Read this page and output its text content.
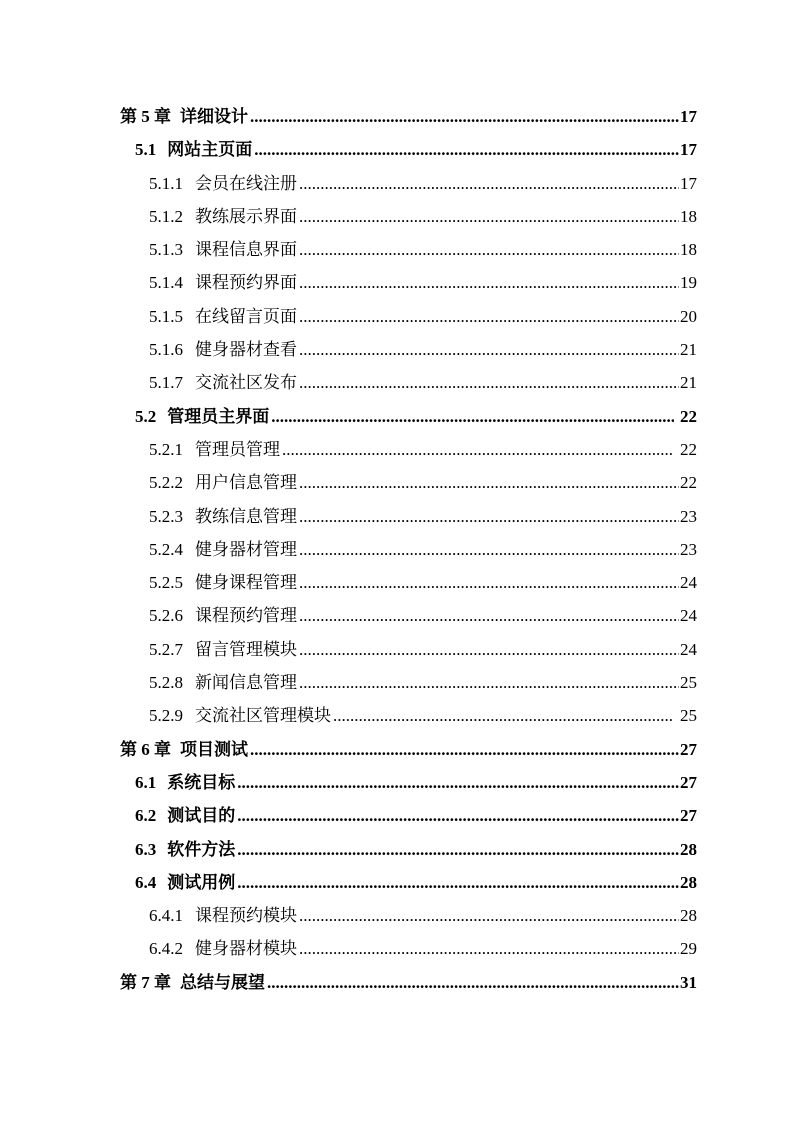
第 5 章 详细设计 .....	17
5.1 网站主页面 .....	17
5.1.1 会员在线注册 .....	17
5.1.2 教练展示界面 .....	18
5.1.3 课程信息界面 .....	18
5.1.4 课程预约界面 .....	19
5.1.5 在线留言页面 .....	20
5.1.6 健身器材查看 .....	21
5.1.7 交流社区发布 .....	21
5.2 管理员主界面 .....	22
5.2.1 管理员管理 .....	22
5.2.2 用户信息管理 .....	22
5.2.3 教练信息管理 .....	23
5.2.4 健身器材管理 .....	23
5.2.5 健身课程管理 .....	24
5.2.6 课程预约管理 .....	24
5.2.7 留言管理模块 .....	24
5.2.8 新闻信息管理 .....	25
5.2.9 交流社区管理模块 .....	25
第 6 章 项目测试 .....	27
6.1 系统目标 .....	27
6.2 测试目的 .....	27
6.3 软件方法 .....	28
6.4 测试用例 .....	28
6.4.1 课程预约模块 .....	28
6.4.2 健身器材模块 .....	29
第 7 章 总结与展望 .....	31
